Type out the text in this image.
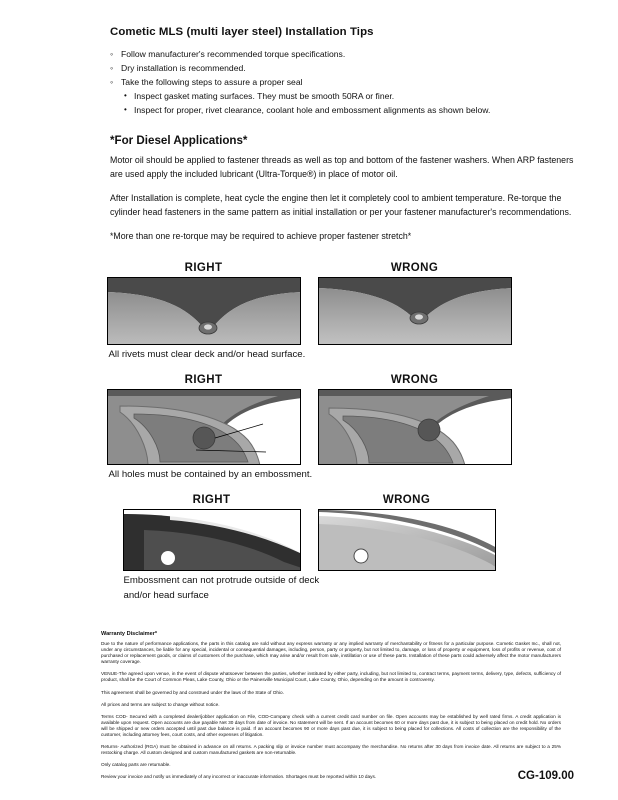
Cometic MLS (multi layer steel) Installation Tips
◦ Follow manufacturer's recommended torque specifications.
◦ Dry installation is recommended.
◦ Take the following steps to assure a proper seal
• Inspect gasket mating surfaces. They must be smooth 50RA or finer.
• Inspect for proper, rivet clearance, coolant hole and embossment alignments as shown below.
*For Diesel Applications*

Motor oil should be applied to fastener threads as well as top and bottom of the fastener washers. When ARP fasteners are used apply the included lubricant (Ultra-Torque®) in place of motor oil.

After Installation is complete, heat cycle the engine then let it completely cool to ambient temperature. Re-torque the cylinder head fasteners in the same pattern as initial installation or per your fastener manufacturer's recommendations.

*More than one re-torque may be required to achieve proper fastener stretch*

RIGHT	WRONG
All rivets must clear deck and/or head surface.

RIGHT	WRONG
All holes must be contained by an embossment.
RIGHT	WRONG
Embossment can not protrude outside of deck
and/or head surface
Warranty Disclaimer*

Due to the nature of performance applications, the parts in this catalog are sold without any express warranty or any implied warranty of merchantability or fitness for a particular purpose. Cometic Gasket Inc., shall not, under any circumstances, be liable for any special, incidental or consequential damages, including, person, party or property, but not limited to, damage, or loss of property or equipment, loss of profits or revenue, cost of purchased or replacement goods, or claims of customers of the purchase, which may arise and/or result from sale, instillation or use of these parts. Installation of these parts could adversely affect the motor manufacturers warranty coverage.

VENUE-The agreed upon venue, in the event of dispute whatsoever between the parties, whether instituted by either party, including, but not limited to, contract terms, payment terms, delivery, type, defects, sufficiency of product, shall be the Court of Common Pleas, Lake County, Ohio or the Painesville Municipal Court, Lake County, Ohio, depending on the amount in controversy.

This agreement shall be governed by and construed under the laws of the State of Ohio.

All prices and terms are subject to change without notice.

Terms COD- Secured with a completed dealer/jobber application on File, COD-Company check with a current credit card number on file. Open accounts may be established by well rated firms. A credit application is available upon request. Open accounts are due payable Net 30 days from date of invoice. No statement will be sent. If an account becomes 60 or more days past due, it is subject to being placed on credit hold. No orders will be shipped or new orders accepted until past due balance is paid. If an account becomes 90 or more days past due, it is subject to being placed for collections. All costs of collection are the responsibility of the customer, including attorney fees, court costs, and other expenses of litigation.

Returns- Authorized (RGA) must be obtained in advance on all returns. A packing slip or invoice number must accompany the merchandise. No returns after 30 days from invoice date. All returns are subject to a 25% restocking charge. All custom designed and custom manufactured gaskets are non-returnable.

Only catalog parts are returnable.

Review your invoice and notify us immediately of any incorrect or inaccurate information. Shortages must be reported within 10 days.	CG-109.00
